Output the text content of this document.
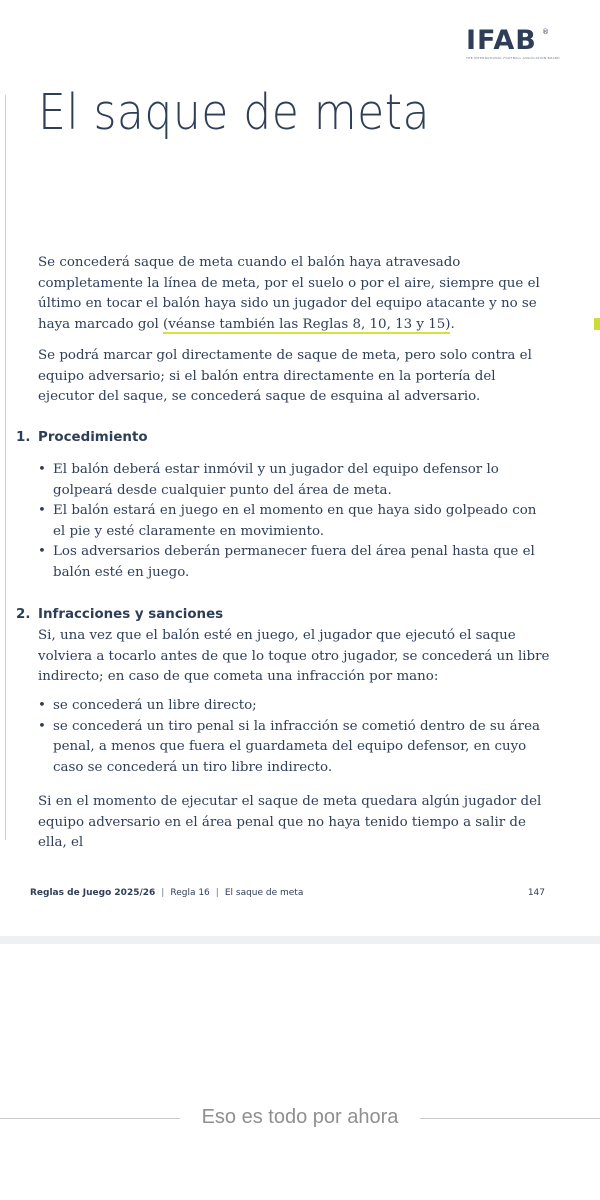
IFAB ®
THE INTERNATIONAL FOOTBALL ASSOCIATION BOARD
El saque de meta

Se concederá saque de meta cuando el balón haya atravesado completamente la línea de meta, por el suelo o por el aire, siempre que el último en tocar el balón haya sido un jugador del equipo atacante y no se haya marcado gol (véanse también las Reglas 8, 10, 13 y 15).

Se podrá marcar gol directamente de saque de meta, pero solo contra el equipo adversario; si el balón entra directamente en la portería del ejecutor del saque, se concederá saque de esquina al adversario.

1. Procedimiento
• El balón deberá estar inmóvil y un jugador del equipo defensor lo golpeará desde cualquier punto del área de meta.
• El balón estará en juego en el momento en que haya sido golpeado con el pie y esté claramente en movimiento.
• Los adversarios deberán permanecer fuera del área penal hasta que el balón esté en juego.
2. Infracciones y sanciones

Si, una vez que el balón esté en juego, el jugador que ejecutó el saque volviera a tocarlo antes de que lo toque otro jugador, se concederá un libre indirecto; en caso de que cometa una infracción por mano:

• se concederá un libre directo;
• se concederá un tiro penal si la infracción se cometió dentro de su área penal, a menos que fuera el guardameta del equipo defensor, en cuyo caso se concederá un tiro libre indirecto.

Si en el momento de ejecutar el saque de meta quedara algún jugador del equipo adversario en el área penal que no haya tenido tiempo a salir de ella, el

Reglas de Juego 2025/26 | Regla 16 | El saque de meta	147
Eso es todo por ahora
